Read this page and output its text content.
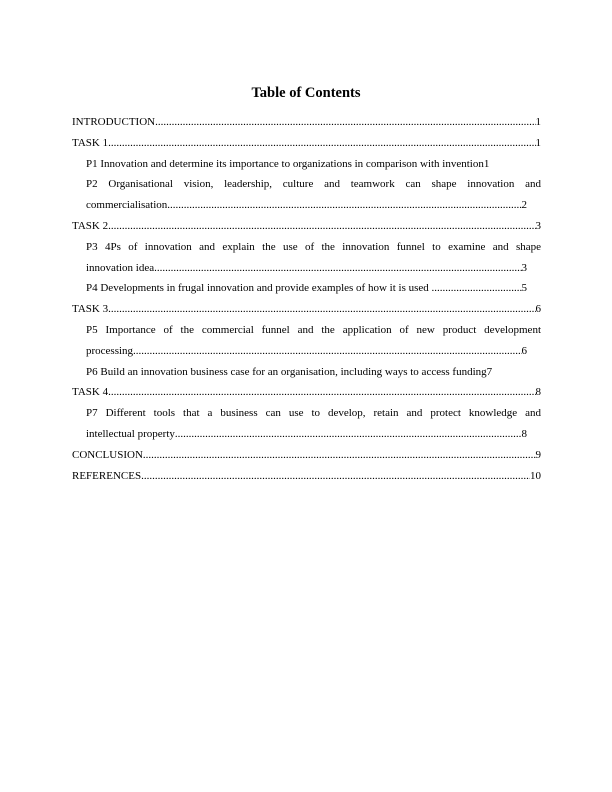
Table of Contents
INTRODUCTION .....	1
TASK 1 .....	1
P1 Innovation and determine its importance to organizations in comparison with invention 1
P2 Organisational vision, leadership, culture and teamwork can shape innovation and
commercialisation .....	2
TASK 2 .....	3
P3 4Ps of innovation and explain the use of the innovation funnel to examine and shape
innovation idea .....	3
P4 Developments in frugal innovation and provide examples of how it is used .....	5
TASK 3 .....	6
P5 Importance of the commercial funnel and the application of new product development
processing .....	6
P6 Build an innovation business case for an organisation, including ways to access funding 7
TASK 4 .....	8
P7 Different tools that a business can use to develop, retain and protect knowledge and
intellectual property .....	8
CONCLUSION .....	9
REFERENCES .....	10
